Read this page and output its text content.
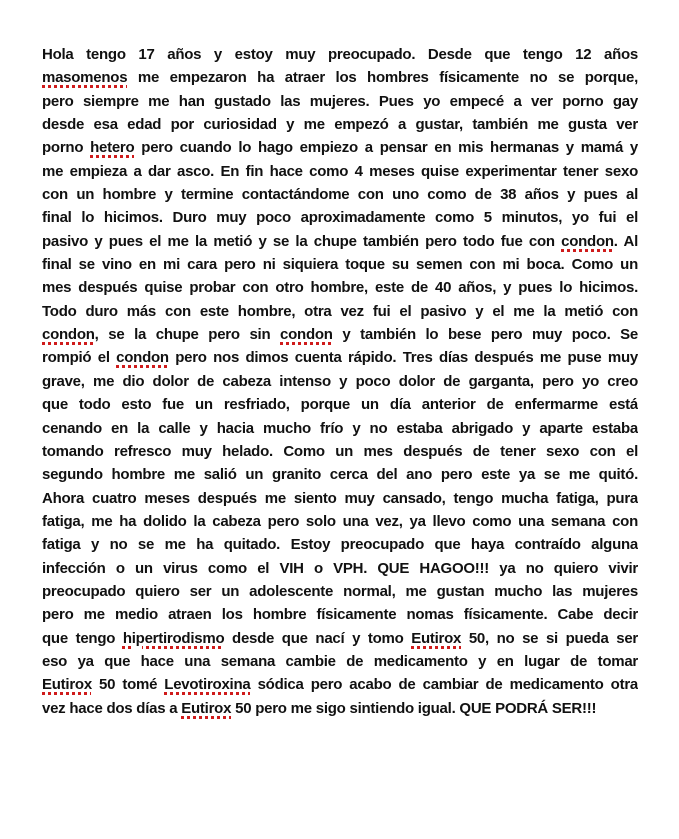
Hola tengo 17 años y estoy muy preocupado. Desde que tengo 12 años
masomenos me empezaron ha atraer los hombres físicamente no se porque,
pero siempre me han gustado las mujeres. Pues yo empecé a ver porno gay
desde esa edad por curiosidad y me empezó a gustar, también me gusta ver
porno hetero pero cuando lo hago empiezo a pensar en mis hermanas y mamá y
me empieza a dar asco. En fin hace como 4 meses quise experimentar tener sexo
con un hombre y termine contactándome con uno como de 38 años y pues al
final lo hicimos. Duro muy poco aproximadamente como 5 minutos, yo fui el
pasivo y pues el me la metió y se la chupe también pero todo fue con condon. Al
final se vino en mi cara pero ni siquiera toque su semen con mi boca. Como un
mes después quise probar con otro hombre, este de 40 años, y pues lo hicimos.
Todo duro más con este hombre, otra vez fui el pasivo y el me la metió con
condon, se la chupe pero sin condon y también lo bese pero muy poco. Se
rompió el condon pero nos dimos cuenta rápido. Tres días después me puse muy
grave, me dio dolor de cabeza intenso y poco dolor de garganta, pero yo creo
que todo esto fue un resfriado, porque un día anterior de enfermarme está
cenando en la calle y hacia mucho frío y no estaba abrigado y aparte estaba
tomando refresco muy helado. Como un mes después de tener sexo con el
segundo hombre me salió un granito cerca del ano pero este ya se me quitó.
Ahora cuatro meses después me siento muy cansado, tengo mucha fatiga, pura
fatiga, me ha dolido la cabeza pero solo una vez, ya llevo como una semana con
fatiga y no se me ha quitado. Estoy preocupado que haya contraído alguna
infección o un virus como el VIH o VPH. QUE HAGOO!!! ya no quiero vivir
preocupado quiero ser un adolescente normal, me gustan mucho las mujeres
pero me medio atraen los hombre físicamente nomas físicamente. Cabe decir
que tengo hipertirodismo desde que nací y tomo Eutirox 50, no se si pueda ser
eso ya que hace una semana cambie de medicamento y en lugar de tomar
Eutirox 50 tomé Levotiroxina sódica pero acabo de cambiar de medicamento otra
vez hace dos días a Eutirox 50 pero me sigo sintiendo igual. QUE PODRÁ SER!!!
